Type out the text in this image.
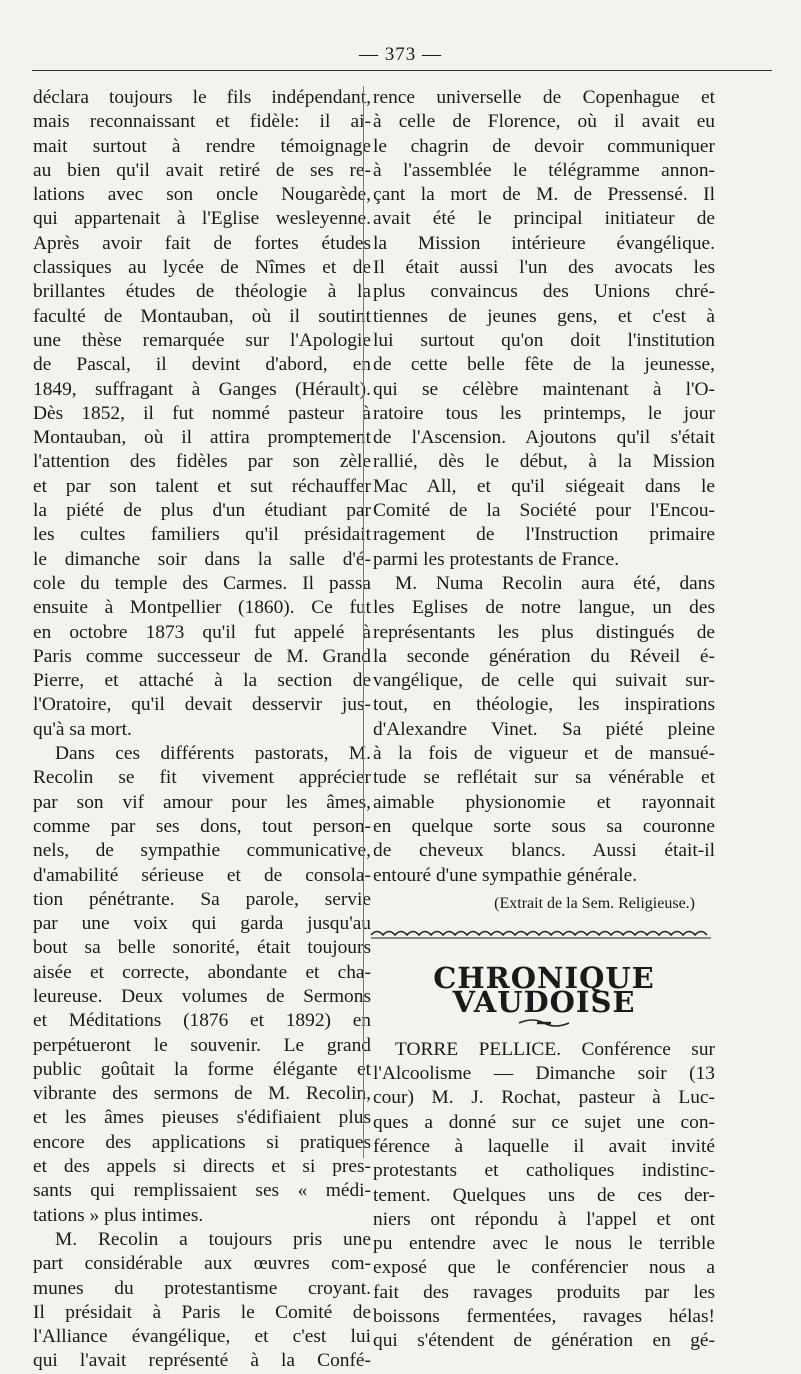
— 373 —
déclara toujours le fils indépendant,
mais reconnaissant et fidèle: il ai-
mait surtout à rendre témoignage
au bien qu'il avait retiré de ses re-
lations avec son oncle Nougarède,
qui appartenait à l'Eglise wesleyenne.
Après avoir fait de fortes études
classiques au lycée de Nîmes et de
brillantes études de théologie à la
faculté de Montauban, où il soutint
une thèse remarquée sur l'Apologie
de Pascal, il devint d'abord, en
1849, suffragant à Ganges (Hérault).
Dès 1852, il fut nommé pasteur à
Montauban, où il attira promptement
l'attention des fidèles par son zèle
et par son talent et sut réchauffer
la piété de plus d'un étudiant par
les cultes familiers qu'il présidait
le dimanche soir dans la salle d'é-
cole du temple des Carmes. Il passa
ensuite à Montpellier (1860). Ce fut
en octobre 1873 qu'il fut appelé à
Paris comme successeur de M. Grand
Pierre, et attaché à la section de
l'Oratoire, qu'il devait desservir jus-
qu'à sa mort.
Dans ces différents pastorats, M.
Recolin se fit vivement apprécier
par son vif amour pour les âmes,
comme par ses dons, tout person-
nels, de sympathie communicative,
d'amabilité sérieuse et de consola-
tion pénétrante. Sa parole, servie
par une voix qui garda jusqu'au
bout sa belle sonorité, était toujours
aisée et correcte, abondante et cha-
leureuse. Deux volumes de Sermons
et Méditations (1876 et 1892) en
perpétueront le souvenir. Le grand
public goûtait la forme élégante et
vibrante des sermons de M. Recolin,
et les âmes pieuses s'édifiaient plus
encore des applications si pratiques
et des appels si directs et si pres-
sants qui remplissaient ses « médi-
tations » plus intimes.
M. Recolin a toujours pris une
part considérable aux œuvres com-
munes du protestantisme croyant.
Il présidait à Paris le Comité de
l'Alliance évangélique, et c'est lui
qui l'avait représenté à la Confé-
rence universelle de Copenhague et
à celle de Florence, où il avait eu
le chagrin de devoir communiquer
à l'assemblée le télégramme annon-
çant la mort de M. de Pressensé. Il
avait été le principal initiateur de
la Mission intérieure évangélique.
Il était aussi l'un des avocats les
plus convaincus des Unions chré-
tiennes de jeunes gens, et c'est à
lui surtout qu'on doit l'institution
de cette belle fête de la jeunesse,
qui se célèbre maintenant à l'O-
ratoire tous les printemps, le jour
de l'Ascension. Ajoutons qu'il s'était
rallié, dès le début, à la Mission
Mac All, et qu'il siégeait dans le
Comité de la Société pour l'Encou-
ragement de l'Instruction primaire
parmi les protestants de France.
M. Numa Recolin aura été, dans
les Eglises de notre langue, un des
représentants les plus distingués de
la seconde génération du Réveil é-
vangélique, de celle qui suivait sur-
tout, en théologie, les inspirations
d'Alexandre Vinet. Sa piété pleine
à la fois de vigueur et de mansué-
tude se reflétait sur sa vénérable et
aimable physionomie et rayonnait
en quelque sorte sous sa couronne
de cheveux blancs. Aussi était-il
entouré d'une sympathie générale.
(Extrait de la Sem. Religieuse.)
CHRONIQUE VAUDOISE
TORRE PELLICE. Conférence sur
l'Alcoolisme — Dimanche soir (13
cour) M. J. Rochat, pasteur à Luc-
ques a donné sur ce sujet une con-
férence à laquelle il avait invité
protestants et catholiques indistinc-
tement. Quelques uns de ces der-
niers ont répondu à l'appel et ont
pu entendre avec le nous le terrible
exposé que le conférencier nous a
fait des ravages produits par les
boissons fermentées, ravages hélas!
qui s'étendent de génération en gé-
